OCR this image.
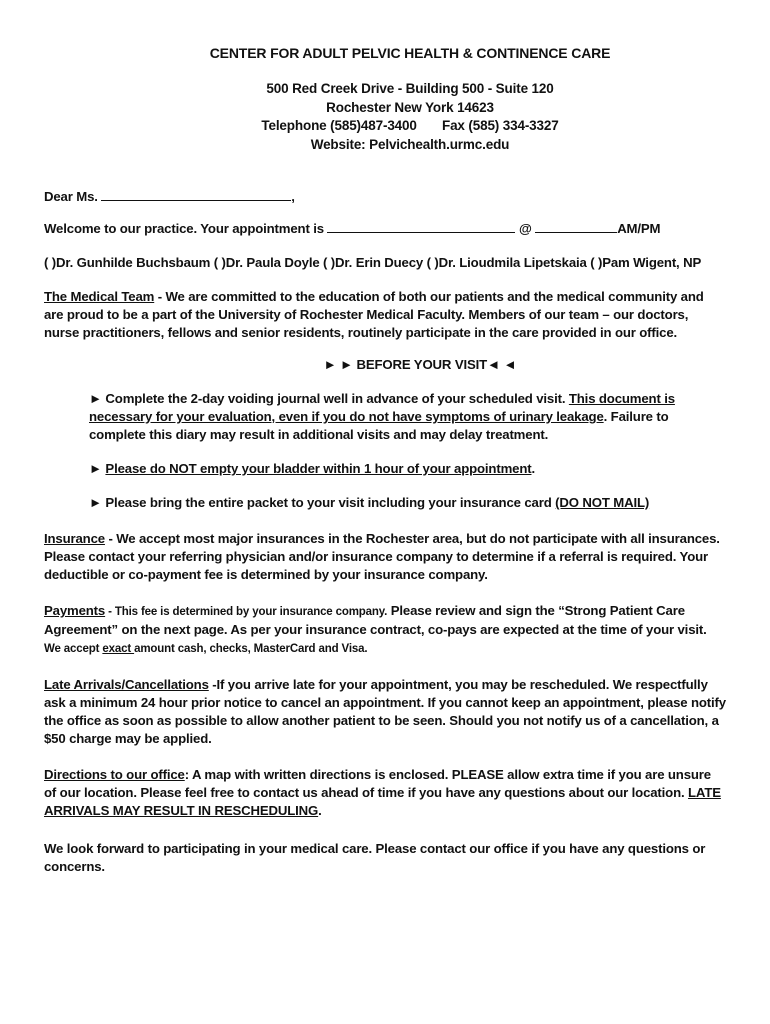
CENTER FOR ADULT PELVIC HEALTH & CONTINENCE CARE
500 Red Creek Drive - Building 500 - Suite 120
Rochester New York 14623
Telephone (585)487-3400 Fax (585) 334-3327
Website: Pelvichealth.urmc.edu
Dear Ms.	,
Welcome to our practice. Your appointment is	@	AM/PM
( )Dr. Gunhilde Buchsbaum ( )Dr. Paula Doyle ( )Dr. Erin Duecy ( )Dr. Lioudmila Lipetskaia ( )Pam Wigent, NP

The Medical Team - We are committed to the education of both our patients and the medical community and are proud to be a part of the University of Rochester Medical Faculty. Members of our team – our doctors, nurse practitioners, fellows and senior residents, routinely participate in the care provided in our office.

► ► BEFORE YOUR VISIT◄ ◄

► Complete the 2-day voiding journal well in advance of your scheduled visit. This document is necessary for your evaluation, even if you do not have symptoms of urinary leakage. Failure to complete this diary may result in additional visits and may delay treatment.

► Please do NOT empty your bladder within 1 hour of your appointment.

► Please bring the entire packet to your visit including your insurance card (DO NOT MAIL)

Insurance - We accept most major insurances in the Rochester area, but do not participate with all insurances. Please contact your referring physician and/or insurance company to determine if a referral is required. Your deductible or co-payment fee is determined by your insurance company.

Payments - This fee is determined by your insurance company. Please review and sign the “Strong Patient Care Agreement” on the next page. As per your insurance contract, co-pays are expected at the time of your visit. We accept exact amount cash, checks, MasterCard and Visa.

Late Arrivals/Cancellations -If you arrive late for your appointment, you may be rescheduled. We respectfully ask a minimum 24 hour prior notice to cancel an appointment. If you cannot keep an appointment, please notify the office as soon as possible to allow another patient to be seen. Should you not notify us of a cancellation, a $50 charge may be applied.

Directions to our office: A map with written directions is enclosed. PLEASE allow extra time if you are unsure of our location. Please feel free to contact us ahead of time if you have any questions about our location. LATE ARRIVALS MAY RESULT IN RESCHEDULING.

We look forward to participating in your medical care. Please contact our office if you have any questions or concerns.
